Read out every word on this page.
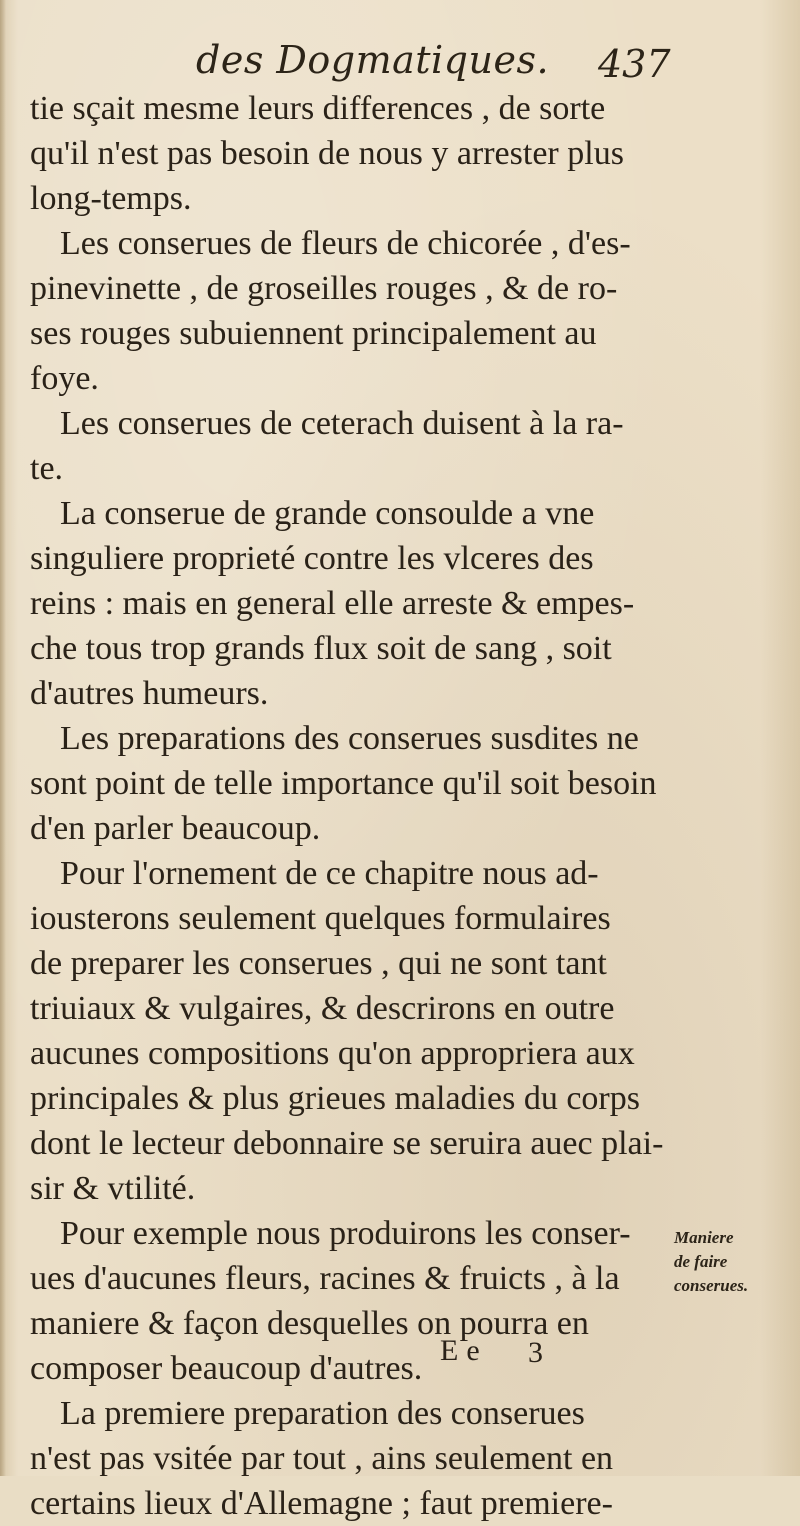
des Dogmatiques. 437
tie sçait mesme leurs differences , de sorte
qu'il n'est pas besoin de nous y arrester plus
long-temps.
Les conserues de fleurs de chicorée , d'es-
pinevinette , de groseilles rouges , & de ro-
ses rouges subuiennent principalement au
foye.
Les conserues de ceterach duisent à la ra-
te.
La conserue de grande consoulde a vne
singuliere proprieté contre les vlceres des
reins : mais en general elle arreste & empes-
che tous trop grands flux soit de sang , soit
d'autres humeurs.
Les preparations des conserues susdites ne
sont point de telle importance qu'il soit besoin
d'en parler beaucoup.
Pour l'ornement de ce chapitre nous ad-
iousterons seulement quelques formulaires
de preparer les conserues , qui ne sont tant
triuiaux & vulgaires, & descrirons en outre
aucunes compositions qu'on appropriera aux
principales & plus grieues maladies du corps
dont le lecteur debonnaire se seruira auec plai-
sir & vtilité.
Pour exemple nous produirons les conser-
ues d'aucunes fleurs, racines & fruicts , à la
maniere & façon desquelles on pourra en
composer beaucoup d'autres.
La premiere preparation des conserues
n'est pas vsitée par tout , ains seulement en
certains lieux d'Allemagne ; faut premiere-
Maniere
de faire
conserues.
Ee 3
